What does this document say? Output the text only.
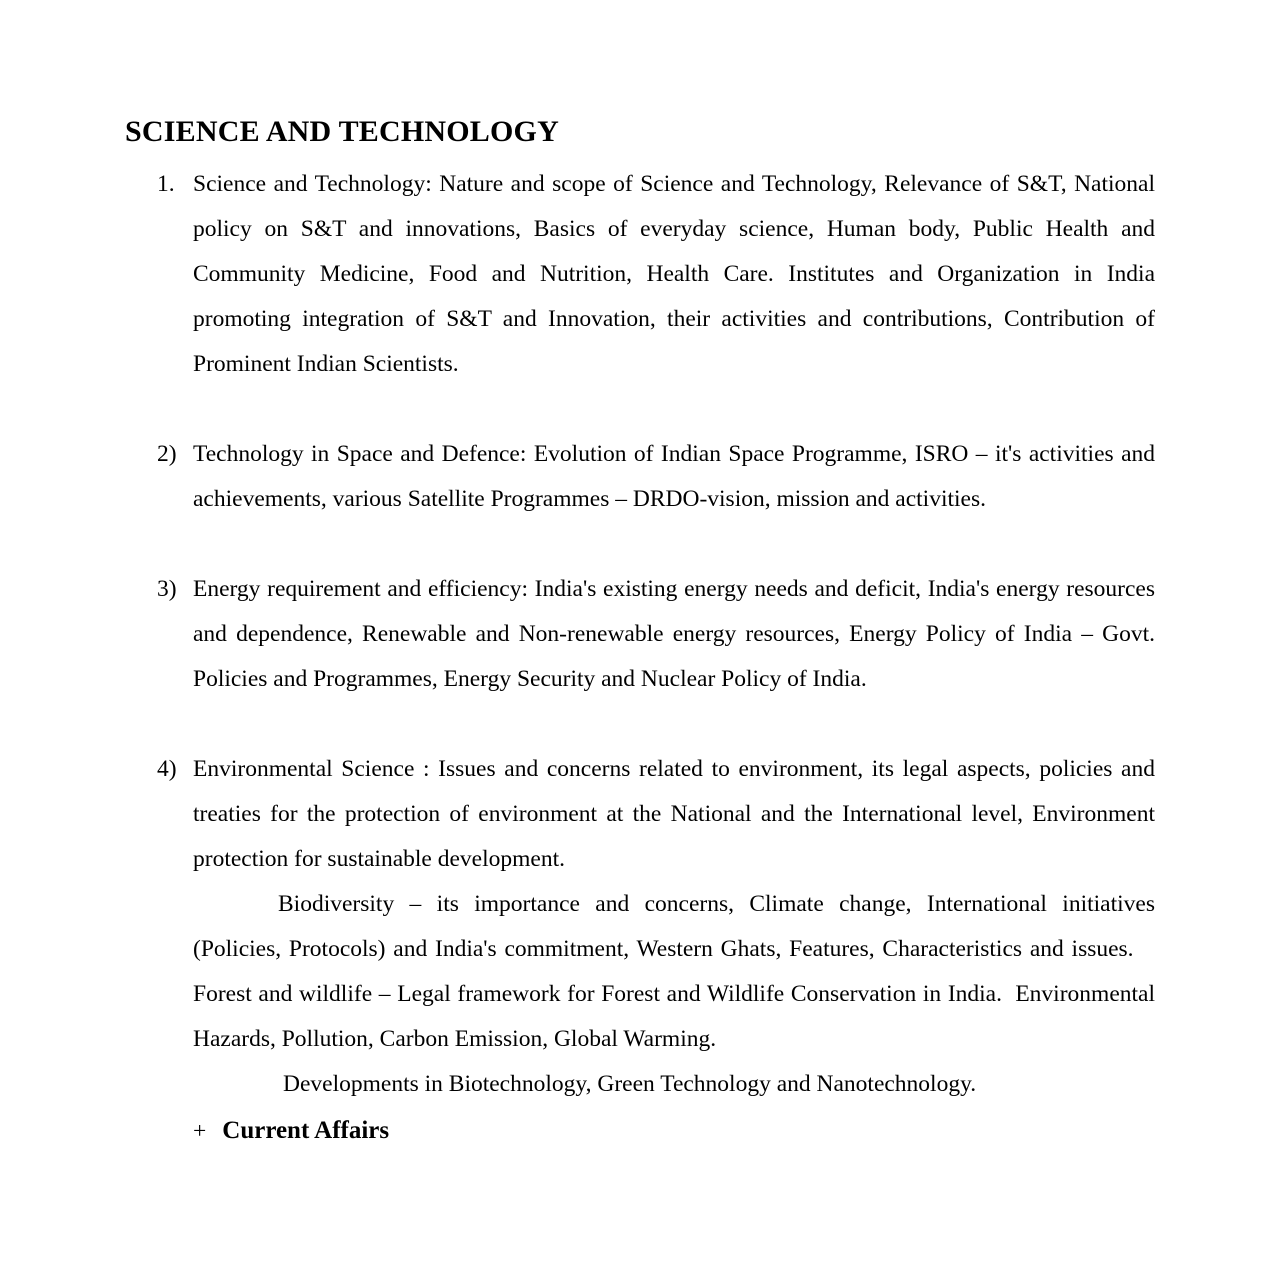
SCIENCE AND TECHNOLOGY
1. Science and Technology: Nature and scope of Science and Technology, Relevance of S&T, National policy on S&T and innovations, Basics of everyday science, Human body, Public Health and Community Medicine, Food and Nutrition, Health Care. Institutes and Organization in India promoting integration of S&T and Innovation, their activities and contributions, Contribution of Prominent Indian Scientists.

2) Technology in Space and Defence: Evolution of Indian Space Programme, ISRO – it's activities and achievements, various Satellite Programmes – DRDO-vision, mission and activities.

3) Energy requirement and efficiency: India's existing energy needs and deficit, India's energy resources and dependence, Renewable and Non-renewable energy resources, Energy Policy of India – Govt. Policies and Programmes, Energy Security and Nuclear Policy of India.

4) Environmental Science : Issues and concerns related to environment, its legal aspects, policies and treaties for the protection of environment at the National and the International level, Environment protection for sustainable development.

Biodiversity – its importance and concerns, Climate change, International initiatives (Policies, Protocols) and India's commitment, Western Ghats, Features, Characteristics and issues.    Forest and wildlife – Legal framework for Forest and Wildlife Conservation in India.  Environmental Hazards, Pollution, Carbon Emission, Global Warming.

Developments in Biotechnology, Green Technology and Nanotechnology.

+ Current Affairs
